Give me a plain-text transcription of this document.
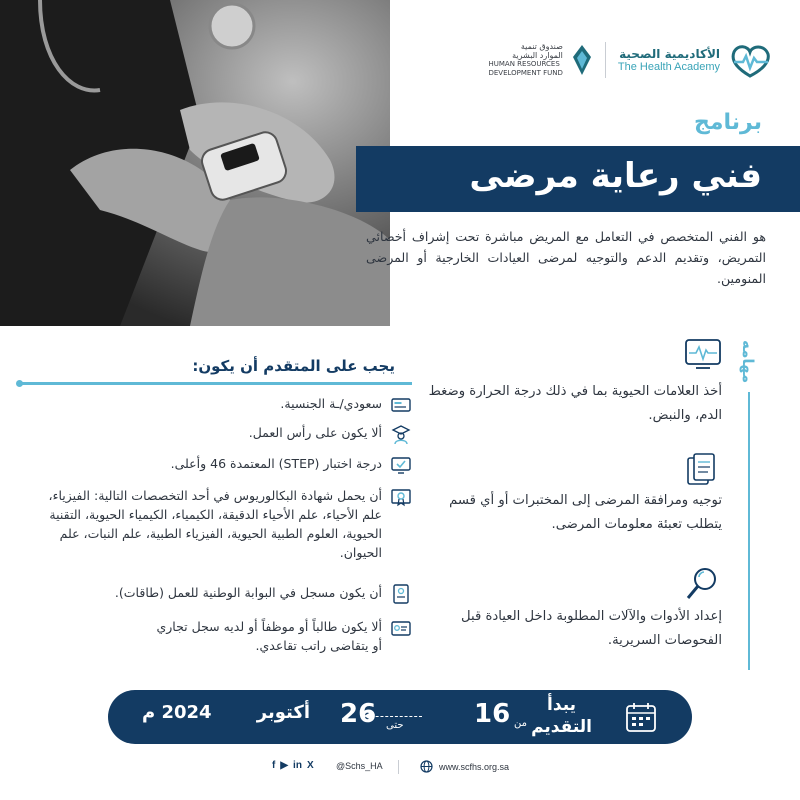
صندوق تنمية
الموارد البشرية
HUMAN RESOURCES
DEVELOPMENT FUND
الأكاديمية الصحية
The Health Academy
برنامج
فني رعاية مرضى
هو الفني المتخصص في التعامل مع المريض مباشرة تحت إشراف أخصائي التمريض، وتقديم الدعم والتوجيه لمرضى العيادات الخارجية أو المرضى المنومين.
يجب على المتقدم أن يكون:
سعودي/ـة الجنسية.
ألا يكون على رأس العمل.
درجة اختبار (STEP) المعتمدة 46 وأعلى.
أن يحمل شهادة البكالوريوس في أحد التخصصات التالية: الفيزياء، علم الأحياء، علم الأحياء الدقيقة، الكيمياء، الكيمياء الحيوية، التقنية الحيوية، العلوم الطبية الحيوية، الفيزياء الطبية، علم النبات، علم الحيوان.
أن يكون مسجل في البوابة الوطنية للعمل (طاقات).
ألا يكون طالباً أو موظفاً أو لديه سجل تجاري أو يتقاضى راتب تقاعدي.
مهامه
أخذ العلامات الحيوية بما في ذلك درجة الحرارة وضغط الدم، والنبض.
توجيه ومرافقة المرضى إلى المختبرات أو أي قسم يتطلب تعبئة معلومات المرضى.
إعداد الأدوات والآلات المطلوبة داخل العيادة قبل الفحوصات السريرية.
يبدأ
التقديم
من
16
حتى
26
أكتوبر
2024 م
f ▶ in X @Schs_HA	www.scfhs.org.sa
